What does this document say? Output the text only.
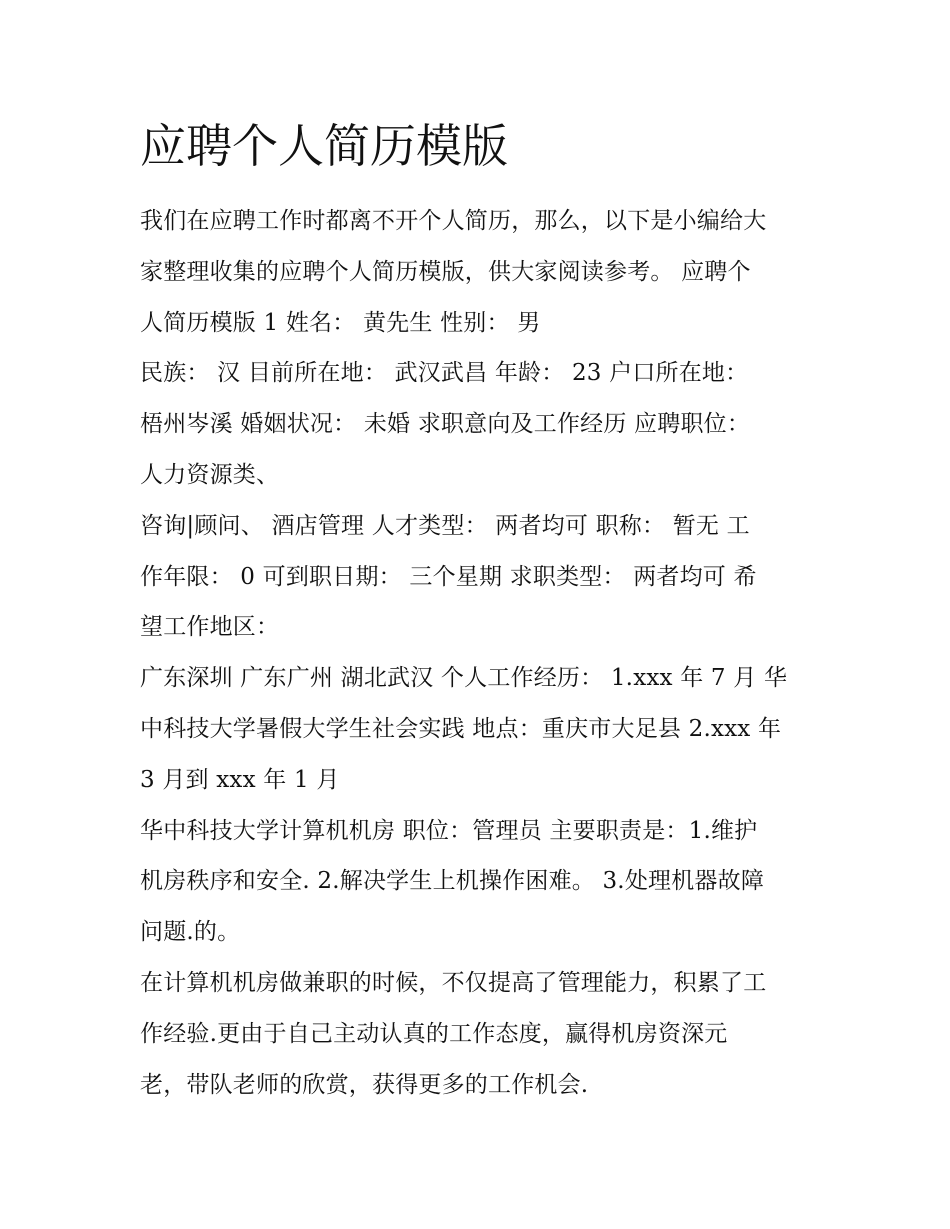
应聘个人简历模版
我们在应聘工作时都离不开个人简历，那么，以下是小编给大
家整理收集的应聘个人简历模版，供大家阅读参考。 应聘个
人简历模版 1 姓名： 黄先生 性别： 男
民族： 汉 目前所在地： 武汉武昌 年龄： 23 户口所在地：
梧州岑溪 婚姻状况： 未婚 求职意向及工作经历 应聘职位：
人力资源类、
咨询|顾问、 酒店管理 人才类型： 两者均可 职称： 暂无 工
作年限： 0 可到职日期： 三个星期 求职类型： 两者均可 希
望工作地区：
广东深圳 广东广州 湖北武汉 个人工作经历： 1.xxx 年 7 月 华
中科技大学暑假大学生社会实践 地点：重庆市大足县 2.xxx 年
3 月到 xxx 年 1 月
华中科技大学计算机机房 职位：管理员 主要职责是：1.维护
机房秩序和安全. 2.解决学生上机操作困难。 3.处理机器故障
问题.的。
在计算机机房做兼职的时候，不仅提高了管理能力，积累了工
作经验.更由于自己主动认真的工作态度，赢得机房资深元
老，带队老师的欣赏，获得更多的工作机会.
